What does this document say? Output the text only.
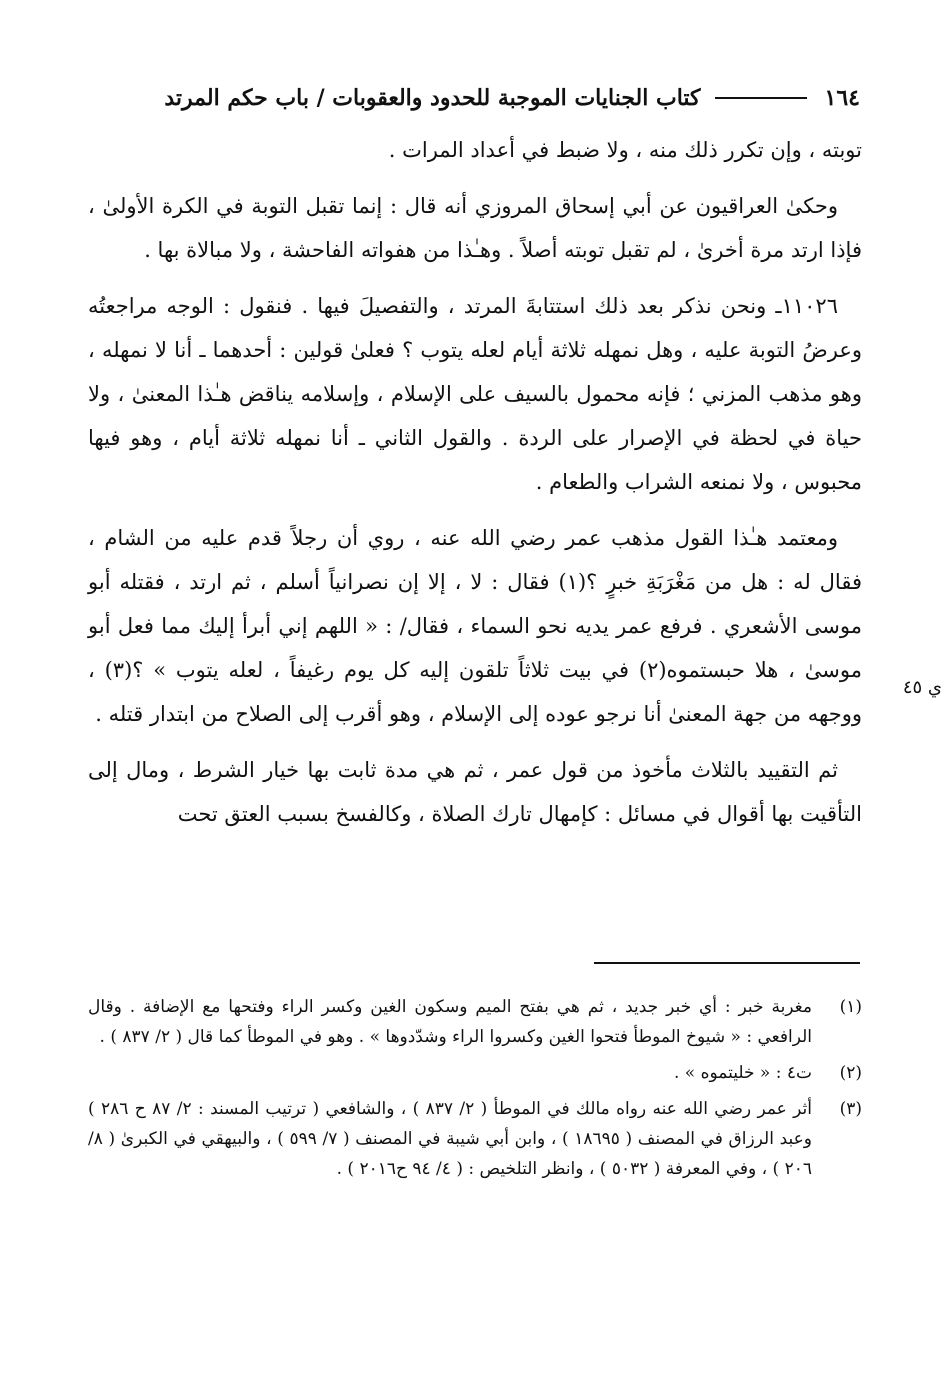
١٦٤
كتاب الجنايات الموجبة للحدود والعقوبات / باب حكم المرتد
ي ٤٥

توبته ، وإن تكرر ذلك منه ، ولا ضبط في أعداد المرات .

وحكىٰ العراقيون عن أبي إسحاق المروزي أنه قال : إنما تقبل التوبة في الكرة الأولىٰ ، فإذا ارتد مرة أخرىٰ ، لم تقبل توبته أصلاً . وهـٰذا من هفواته الفاحشة ، ولا مبالاة بها .

١١٠٢٦ـ ونحن نذكر بعد ذلك استتابةَ المرتد ، والتفصيلَ فيها . فنقول : الوجه مراجعتُه وعرضُ التوبة عليه ، وهل نمهله ثلاثة أيام لعله يتوب ؟ فعلىٰ قولين : أحدهما ـ أنا لا نمهله ، وهو مذهب المزني ؛ فإنه محمول بالسيف على الإسلام ، وإسلامه يناقض هـٰذا المعنىٰ ، ولا حياة في لحظة في الإصرار على الردة . والقول الثاني ـ أنا نمهله ثلاثة أيام ، وهو فيها محبوس ، ولا نمنعه الشراب والطعام .

ومعتمد هـٰذا القول مذهب عمر رضي الله عنه ، روي أن رجلاً قدم عليه من الشام ، فقال له : هل من مَغْرَبَةِ خبرٍ ؟(١) فقال : لا ، إلا إن نصرانياً أسلم ، ثم ارتد ، فقتله أبو موسى الأشعري . فرفع عمر يديه نحو السماء ، فقال/ : « اللهم إني أبرأ إليك مما فعل أبو موسىٰ ، هلا حبستموه(٢) في بيت ثلاثاً تلقون إليه كل يوم رغيفاً ، لعله يتوب » ؟(٣) ، ووجهه من جهة المعنىٰ أنا نرجو عوده إلى الإسلام ، وهو أقرب إلى الصلاح من ابتدار قتله .

ثم التقييد بالثلاث مأخوذ من قول عمر ، ثم هي مدة ثابت بها خيار الشرط ، ومال إلى التأقيت بها أقوال في مسائل : كإمهال تارك الصلاة ، وكالفسخ بسبب العتق تحت

(١)
مغربة خبر : أي خبر جديد ، ثم هي بفتح الميم وسكون الغين وكسر الراء وفتحها مع الإضافة . وقال الرافعي : « شيوخ الموطأ فتحوا الغين وكسروا الراء وشدّدوها » . وهو في الموطأ كما قال ( ٢/ ٨٣٧ ) .
(٢)
ت٤ : « خليتموه » .
(٣)
أثر عمر رضي الله عنه رواه مالك في الموطأ ( ٢/ ٨٣٧ ) ، والشافعي ( ترتيب المسند : ٢/ ٨٧ ح ٢٨٦ ) وعبد الرزاق في المصنف ( ١٨٦٩٥ ) ، وابن أبي شيبة في المصنف ( ٧/ ٥٩٩ ) ، والبيهقي في الكبرىٰ ( ٨/ ٢٠٦ ) ، وفي المعرفة ( ٥٠٣٢ ) ، وانظر التلخيص : ( ٤/ ٩٤ ح٢٠١٦ ) .
